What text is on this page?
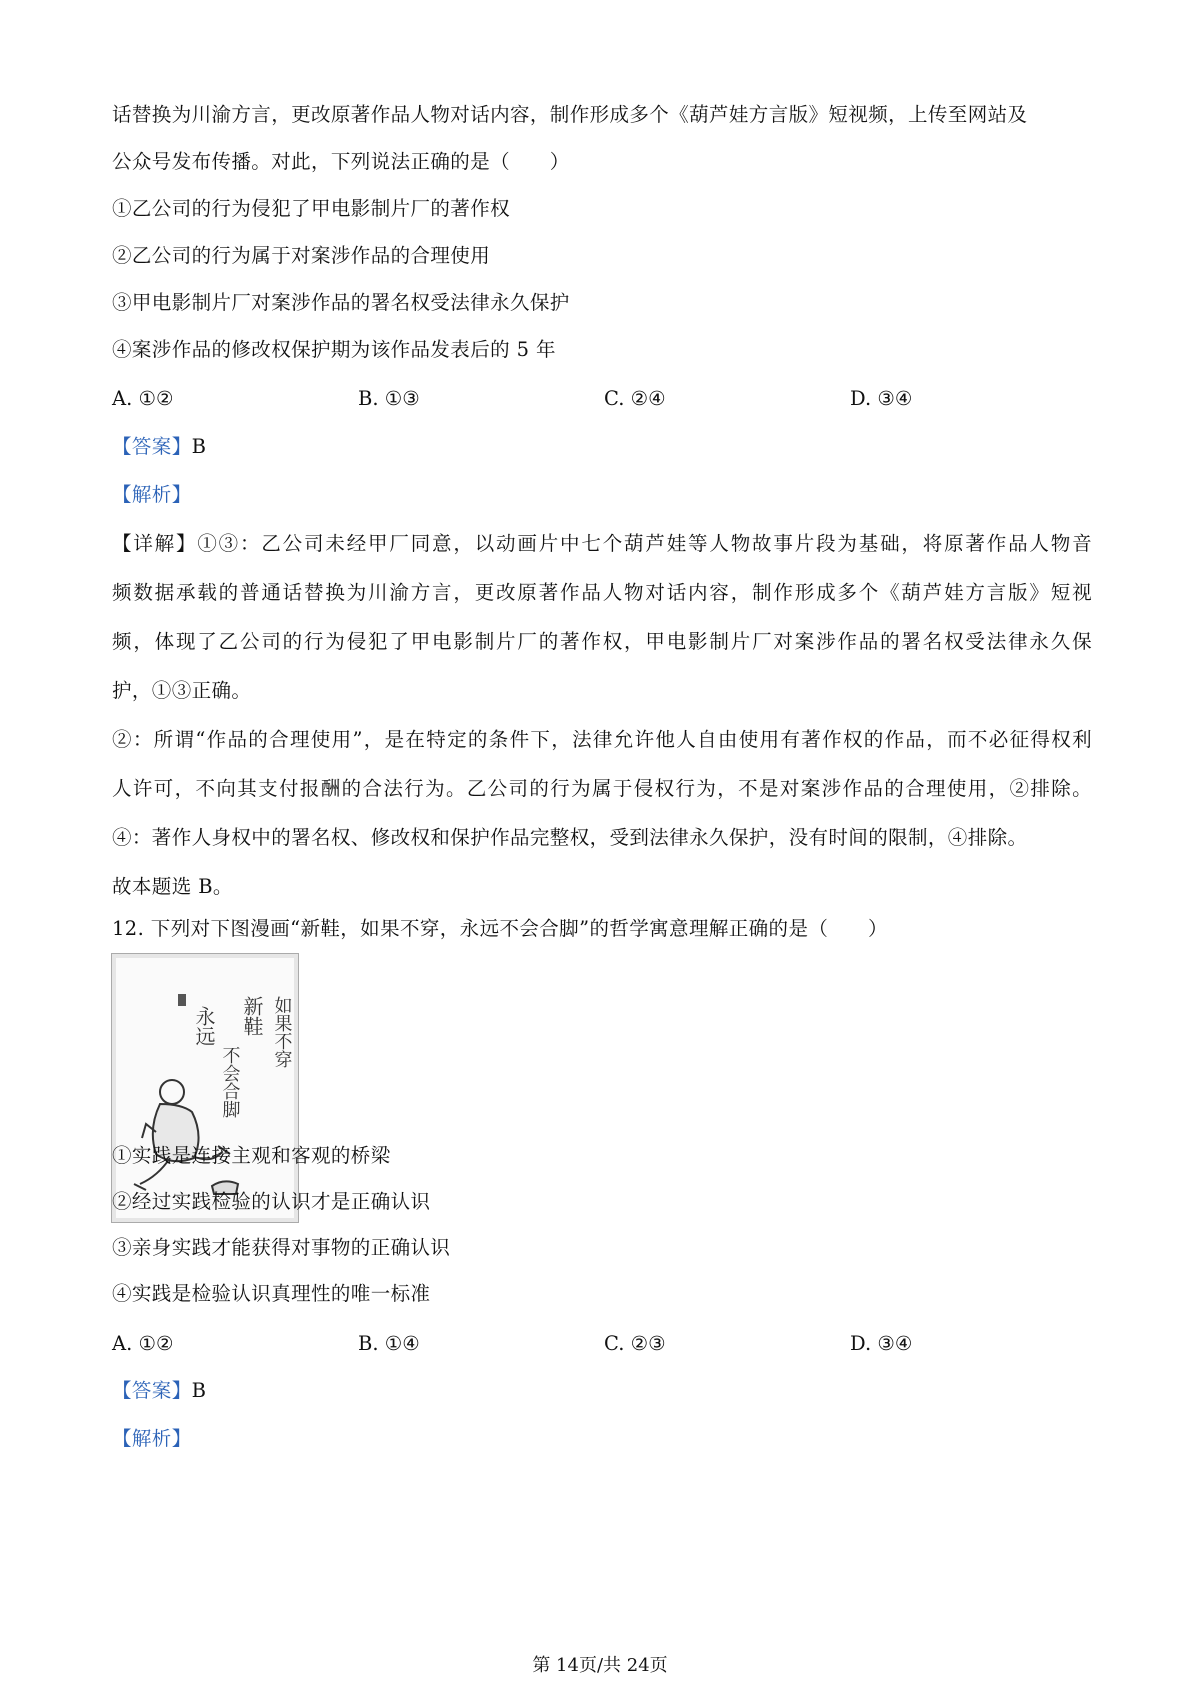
话替换为川渝方言，更改原著作品人物对话内容，制作形成多个《葫芦娃方言版》短视频，上传至网站及
公众号发布传播。对此，下列说法正确的是（　　）
①乙公司的行为侵犯了甲电影制片厂的著作权
②乙公司的行为属于对案涉作品的合理使用
③甲电影制片厂对案涉作品的署名权受法律永久保护
④案涉作品的修改权保护期为该作品发表后的 5 年
A. ①②	B. ①③	C. ②④	D. ③④
【答案】B
【解析】
【详解】①③：乙公司未经甲厂同意，以动画片中七个葫芦娃等人物故事片段为基础，将原著作品人物音
频数据承载的普通话替换为川渝方言，更改原著作品人物对话内容，制作形成多个《葫芦娃方言版》短视
频，体现了乙公司的行为侵犯了甲电影制片厂的著作权，甲电影制片厂对案涉作品的署名权受法律永久保
护，①③正确。
②：所谓“作品的合理使用”，是在特定的条件下，法律允许他人自由使用有著作权的作品，而不必征得权利
人许可，不向其支付报酬的合法行为。乙公司的行为属于侵权行为，不是对案涉作品的合理使用，②排除。
④：著作人身权中的署名权、修改权和保护作品完整权，受到法律永久保护，没有时间的限制，④排除。
故本题选 B。
12. 下列对下图漫画“新鞋，如果不穿，永远不会合脚”的哲学寓意理解正确的是（　　）
新鞋 如果不穿
永远
不会合脚
①实践是连接主观和客观的桥梁
②经过实践检验的认识才是正确认识
③亲身实践才能获得对事物的正确认识
④实践是检验认识真理性的唯一标准
A. ①②	B. ①④	C. ②③	D. ③④
【答案】B
【解析】
第 14页/共 24页
